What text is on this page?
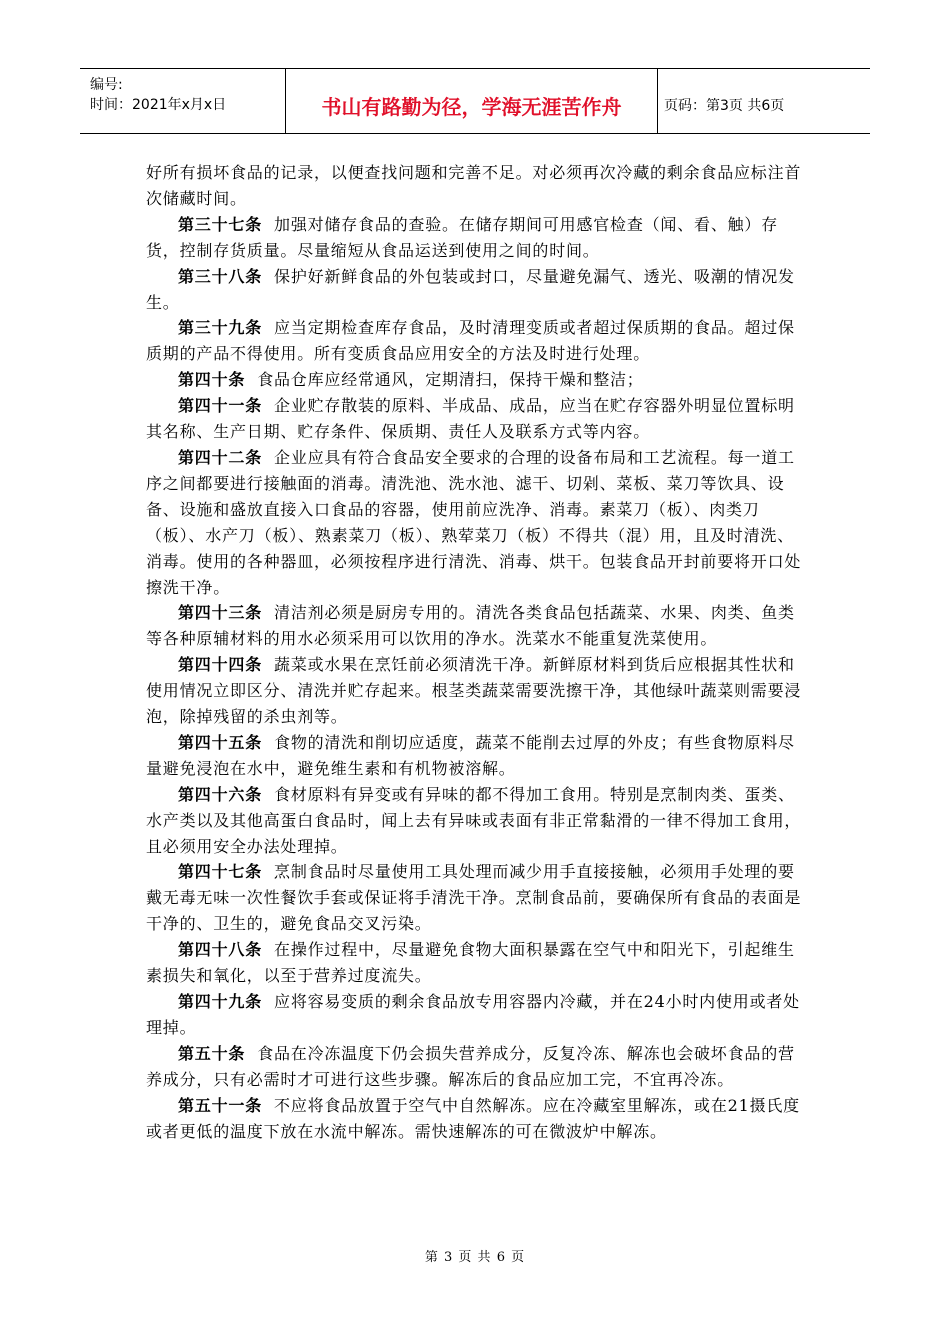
编号:
时间：2021年x月x日	书山有路勤为径，学海无涯苦作舟	页码：第3页 共6页

好所有损坏食品的记录，以便查找问题和完善不足。对必须再次冷藏的剩余食品应标注首次储藏时间。

第三十七条 加强对储存食品的查验。在储存期间可用感官检查（闻、看、触）存货，控制存货质量。尽量缩短从食品运送到使用之间的时间。

第三十八条 保护好新鲜食品的外包装或封口，尽量避免漏气、透光、吸潮的情况发生。

第三十九条 应当定期检查库存食品，及时清理变质或者超过保质期的食品。超过保质期的产品不得使用。所有变质食品应用安全的方法及时进行处理。

第四十条 食品仓库应经常通风，定期清扫，保持干燥和整洁；

第四十一条 企业贮存散装的原料、半成品、成品，应当在贮存容器外明显位置标明其名称、生产日期、贮存条件、保质期、责任人及联系方式等内容。

第四十二条 企业应具有符合食品安全要求的合理的设备布局和工艺流程。每一道工序之间都要进行接触面的消毒。清洗池、洗水池、滤干、切剁、菜板、菜刀等饮具、设备、设施和盛放直接入口食品的容器，使用前应洗净、消毒。素菜刀（板）、肉类刀（板）、水产刀（板）、熟素菜刀（板）、熟荤菜刀（板）不得共（混）用，且及时清洗、消毒。使用的各种器皿，必须按程序进行清洗、消毒、烘干。包装食品开封前要将开口处擦洗干净。

第四十三条 清洁剂必须是厨房专用的。清洗各类食品包括蔬菜、水果、肉类、鱼类等各种原辅材料的用水必须采用可以饮用的净水。洗菜水不能重复洗菜使用。

第四十四条 蔬菜或水果在烹饪前必须清洗干净。新鲜原材料到货后应根据其性状和使用情况立即区分、清洗并贮存起来。根茎类蔬菜需要洗擦干净，其他绿叶蔬菜则需要浸泡，除掉残留的杀虫剂等。

第四十五条 食物的清洗和削切应适度，蔬菜不能削去过厚的外皮；有些食物原料尽量避免浸泡在水中，避免维生素和有机物被溶解。

第四十六条 食材原料有异变或有异味的都不得加工食用。特别是烹制肉类、蛋类、水产类以及其他高蛋白食品时，闻上去有异味或表面有非正常黏滑的一律不得加工食用，且必须用安全办法处理掉。

第四十七条 烹制食品时尽量使用工具处理而减少用手直接接触，必须用手处理的要戴无毒无味一次性餐饮手套或保证将手清洗干净。烹制食品前，要确保所有食品的表面是干净的、卫生的，避免食品交叉污染。

第四十八条 在操作过程中，尽量避免食物大面积暴露在空气中和阳光下，引起维生素损失和氧化，以至于营养过度流失。

第四十九条 应将容易变质的剩余食品放专用容器内冷藏，并在24小时内使用或者处理掉。

第五十条 食品在冷冻温度下仍会损失营养成分，反复冷冻、解冻也会破坏食品的营养成分，只有必需时才可进行这些步骤。解冻后的食品应加工完，不宜再冷冻。

第五十一条 不应将食品放置于空气中自然解冻。应在冷藏室里解冻，或在21摄氏度或者更低的温度下放在水流中解冻。需快速解冻的可在微波炉中解冻。

第 3 页 共 6 页
